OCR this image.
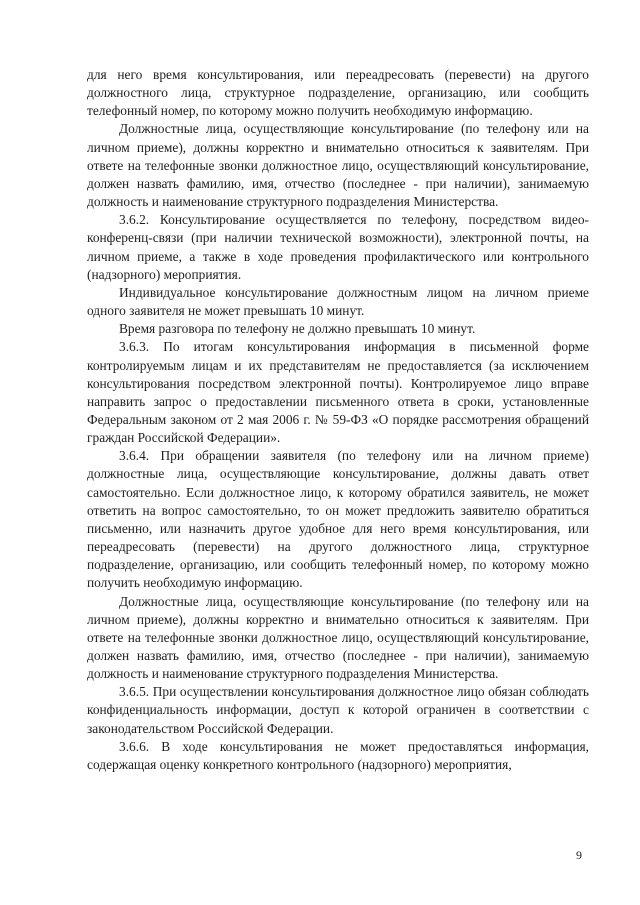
для него время консультирования, или переадресовать (перевести) на другого должностного лица, структурное подразделение, организацию, или сообщить телефонный номер, по которому можно получить необходимую информацию.

Должностные лица, осуществляющие консультирование (по телефону или на личном приеме), должны корректно и внимательно относиться к заявителям. При ответе на телефонные звонки должностное лицо, осуществляющий консультирование, должен назвать фамилию, имя, отчество (последнее - при наличии), занимаемую должность и наименование структурного подразделения Министерства.

3.6.2. Консультирование осуществляется по телефону, посредством видео-конференц-связи (при наличии технической возможности), электронной почты, на личном приеме, а также в ходе проведения профилактического или контрольного (надзорного) мероприятия.

Индивидуальное консультирование должностным лицом на личном приеме одного заявителя не может превышать 10 минут.

Время разговора по телефону не должно превышать 10 минут.

3.6.3. По итогам консультирования информация в письменной форме контролируемым лицам и их представителям не предоставляется (за исключением консультирования посредством электронной почты). Контролируемое лицо вправе направить запрос о предоставлении письменного ответа в сроки, установленные Федеральным законом от 2 мая 2006 г. № 59-ФЗ «О порядке рассмотрения обращений граждан Российской Федерации».

3.6.4. При обращении заявителя (по телефону или на личном приеме) должностные лица, осуществляющие консультирование, должны давать ответ самостоятельно. Если должностное лицо, к которому обратился заявитель, не может ответить на вопрос самостоятельно, то он может предложить заявителю обратиться письменно, или назначить другое удобное для него время консультирования, или переадресовать (перевести) на другого должностного лица, структурное подразделение, организацию, или сообщить телефонный номер, по которому можно получить необходимую информацию.

Должностные лица, осуществляющие консультирование (по телефону или на личном приеме), должны корректно и внимательно относиться к заявителям. При ответе на телефонные звонки должностное лицо, осуществляющий консультирование, должен назвать фамилию, имя, отчество (последнее - при наличии), занимаемую должность и наименование структурного подразделения Министерства.

3.6.5. При осуществлении консультирования должностное лицо обязан соблюдать конфиденциальность информации, доступ к которой ограничен в соответствии с законодательством Российской Федерации.

3.6.6. В ходе консультирования не может предоставляться информация, содержащая оценку конкретного контрольного (надзорного) мероприятия,

9
